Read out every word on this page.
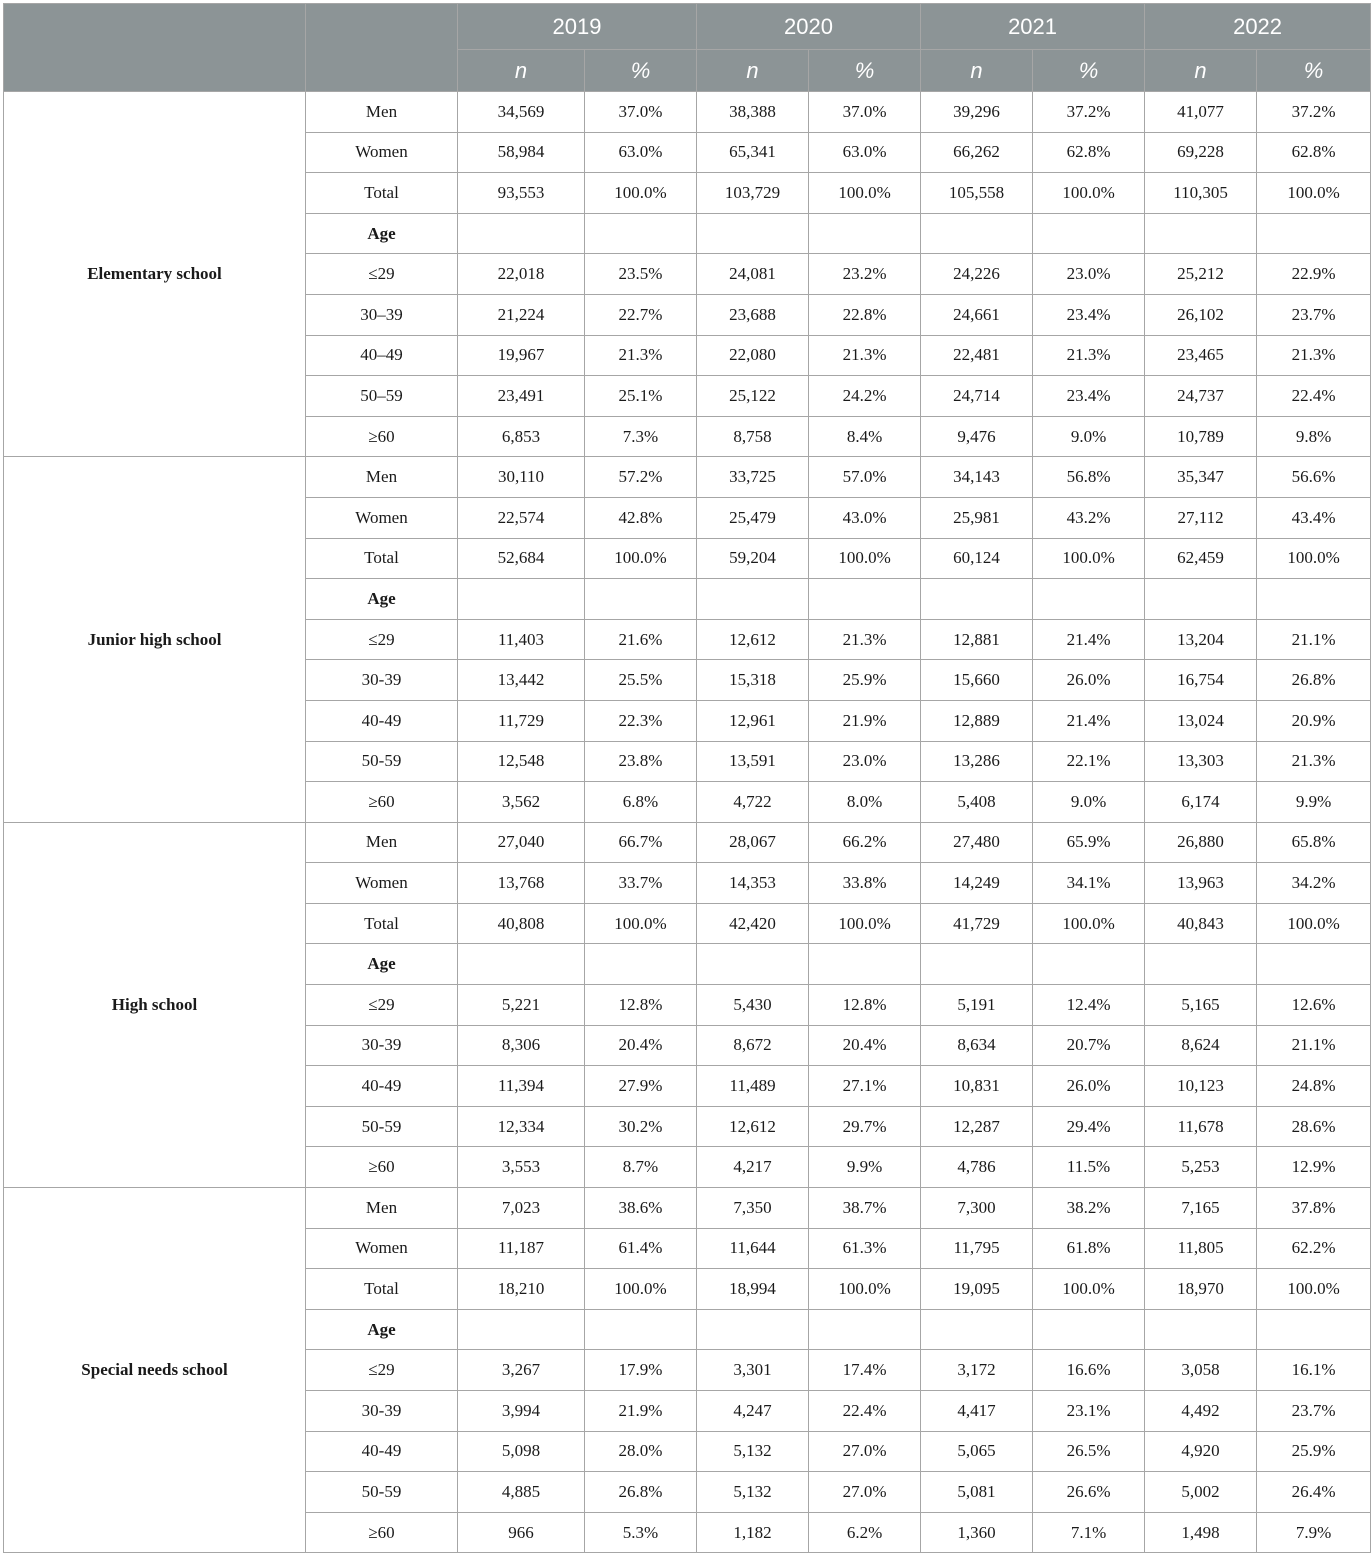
		2019		2020		2021		2022	
		n	%	n	%	n	%	n	%
Elementary school	Men	34,569	37.0%	38,388	37.0%	39,296	37.2%	41,077	37.2%
	Women	58,984	63.0%	65,341	63.0%	66,262	62.8%	69,228	62.8%
	Total	93,553	100.0%	103,729	100.0%	105,558	100.0%	110,305	100.0%
	Age								
	≤29	22,018	23.5%	24,081	23.2%	24,226	23.0%	25,212	22.9%
	30–39	21,224	22.7%	23,688	22.8%	24,661	23.4%	26,102	23.7%
	40–49	19,967	21.3%	22,080	21.3%	22,481	21.3%	23,465	21.3%
	50–59	23,491	25.1%	25,122	24.2%	24,714	23.4%	24,737	22.4%
	≥60	6,853	7.3%	8,758	8.4%	9,476	9.0%	10,789	9.8%
Junior high school	Men	30,110	57.2%	33,725	57.0%	34,143	56.8%	35,347	56.6%
	Women	22,574	42.8%	25,479	43.0%	25,981	43.2%	27,112	43.4%
	Total	52,684	100.0%	59,204	100.0%	60,124	100.0%	62,459	100.0%
	Age								
	≤29	11,403	21.6%	12,612	21.3%	12,881	21.4%	13,204	21.1%
	30-39	13,442	25.5%	15,318	25.9%	15,660	26.0%	16,754	26.8%
	40-49	11,729	22.3%	12,961	21.9%	12,889	21.4%	13,024	20.9%
	50-59	12,548	23.8%	13,591	23.0%	13,286	22.1%	13,303	21.3%
	≥60	3,562	6.8%	4,722	8.0%	5,408	9.0%	6,174	9.9%
High school	Men	27,040	66.7%	28,067	66.2%	27,480	65.9%	26,880	65.8%
	Women	13,768	33.7%	14,353	33.8%	14,249	34.1%	13,963	34.2%
	Total	40,808	100.0%	42,420	100.0%	41,729	100.0%	40,843	100.0%
	Age								
	≤29	5,221	12.8%	5,430	12.8%	5,191	12.4%	5,165	12.6%
	30-39	8,306	20.4%	8,672	20.4%	8,634	20.7%	8,624	21.1%
	40-49	11,394	27.9%	11,489	27.1%	10,831	26.0%	10,123	24.8%
	50-59	12,334	30.2%	12,612	29.7%	12,287	29.4%	11,678	28.6%
	≥60	3,553	8.7%	4,217	9.9%	4,786	11.5%	5,253	12.9%
Special needs school	Men	7,023	38.6%	7,350	38.7%	7,300	38.2%	7,165	37.8%
	Women	11,187	61.4%	11,644	61.3%	11,795	61.8%	11,805	62.2%
	Total	18,210	100.0%	18,994	100.0%	19,095	100.0%	18,970	100.0%
	Age								
	≤29	3,267	17.9%	3,301	17.4%	3,172	16.6%	3,058	16.1%
	30-39	3,994	21.9%	4,247	22.4%	4,417	23.1%	4,492	23.7%
	40-49	5,098	28.0%	5,132	27.0%	5,065	26.5%	4,920	25.9%
	50-59	4,885	26.8%	5,132	27.0%	5,081	26.6%	5,002	26.4%
	≥60	966	5.3%	1,182	6.2%	1,360	7.1%	1,498	7.9%
